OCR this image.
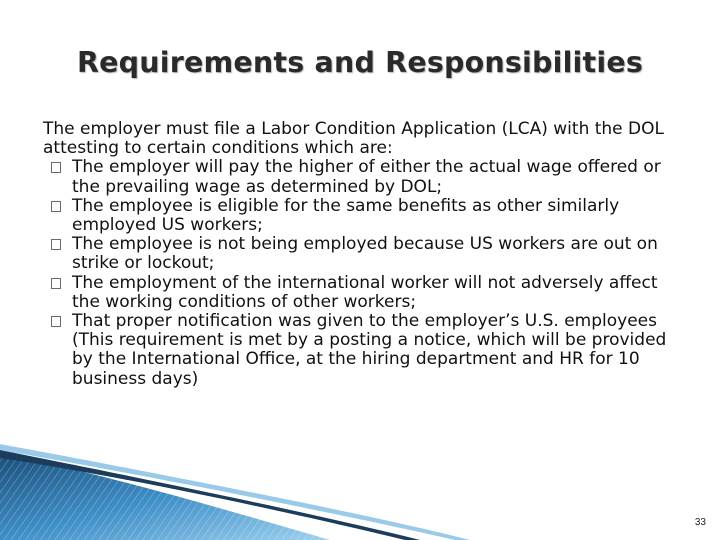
Requirements and Responsibilities

The employer must file a Labor Condition Application (LCA) with the DOL attesting to certain conditions which are:

The employer will pay the higher of either the actual wage offered or the prevailing wage as determined by DOL;
The employee is eligible for the same benefits as other similarly employed US workers;
The employee is not being employed because US workers are out on strike or lockout;
The employment of the international worker will not adversely affect the working conditions of other workers;
That proper notification was given to the employer’s U.S. employees (This requirement is met by a posting a notice, which will be provided by the International Office, at the hiring department and HR for 10 business days)
33
